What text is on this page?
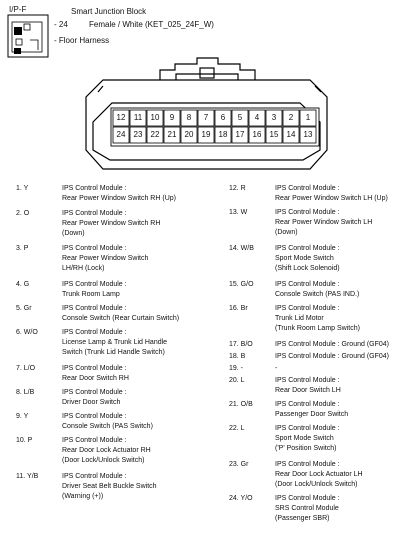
I/P-F	Smart Junction Block
- 24	Female / White (KET_025_24F_W)
- Floor Harness
12	11	10	9	8	7	6	5	4	3	2	1
24	23	22	21	20	19	18	17	16	15	14	13
1. Y	IPS Control Module :
Rear Power Window Switch RH (Up)
2. O	IPS Control Module :
Rear Power Window Switch RH
(Down)
3. P	IPS Control Module :
Rear Power Window Switch
LH/RH (Lock)
4. G	IPS Control Module :
Trunk Room Lamp
5. Gr	IPS Control Module :
Console Switch (Rear Curtain Switch)
6. W/O	IPS Control Module :
License Lamp & Trunk Lid Handle
Switch (Trunk Lid Handle Switch)
7. L/O	IPS Control Module :
Rear Door Switch RH
8. L/B	IPS Control Module :
Driver Door Switch
9. Y	IPS Control Module :
Console Switch (PAS Switch)
10. P	IPS Control Module :
Rear Door Lock Actuator RH
(Door Lock/Unlock Switch)
11. Y/B	IPS Control Module :
Driver Seat Belt Buckle Switch
(Warning (+))
12. R	IPS Control Module :
Rear Power Window Switch LH (Up)
13. W	IPS Control Module :
Rear Power Window Switch LH
(Down)
14. W/B	IPS Control Module :
Sport Mode Switch
(Shift Lock Solenoid)
15. G/O	IPS Control Module :
Console Switch (PAS IND.)
16. Br	IPS Control Module :
Trunk Lid Motor
(Trunk Room Lamp Switch)
17. B/O	IPS Control Module : Ground (GF04)
18. B	IPS Control Module : Ground (GF04)
19. -	-
20. L	IPS Control Module :
Rear Door Switch LH
21. O/B	IPS Control Module :
Passenger Door Switch
22. L	IPS Control Module :
Sport Mode Switch
('P' Position Switch)
23. Gr	IPS Control Module :
Rear Door Lock Actuator LH
(Door Lock/Unlock Switch)
24. Y/O	IPS Control Module :
SRS Control Module
(Passenger SBR)
